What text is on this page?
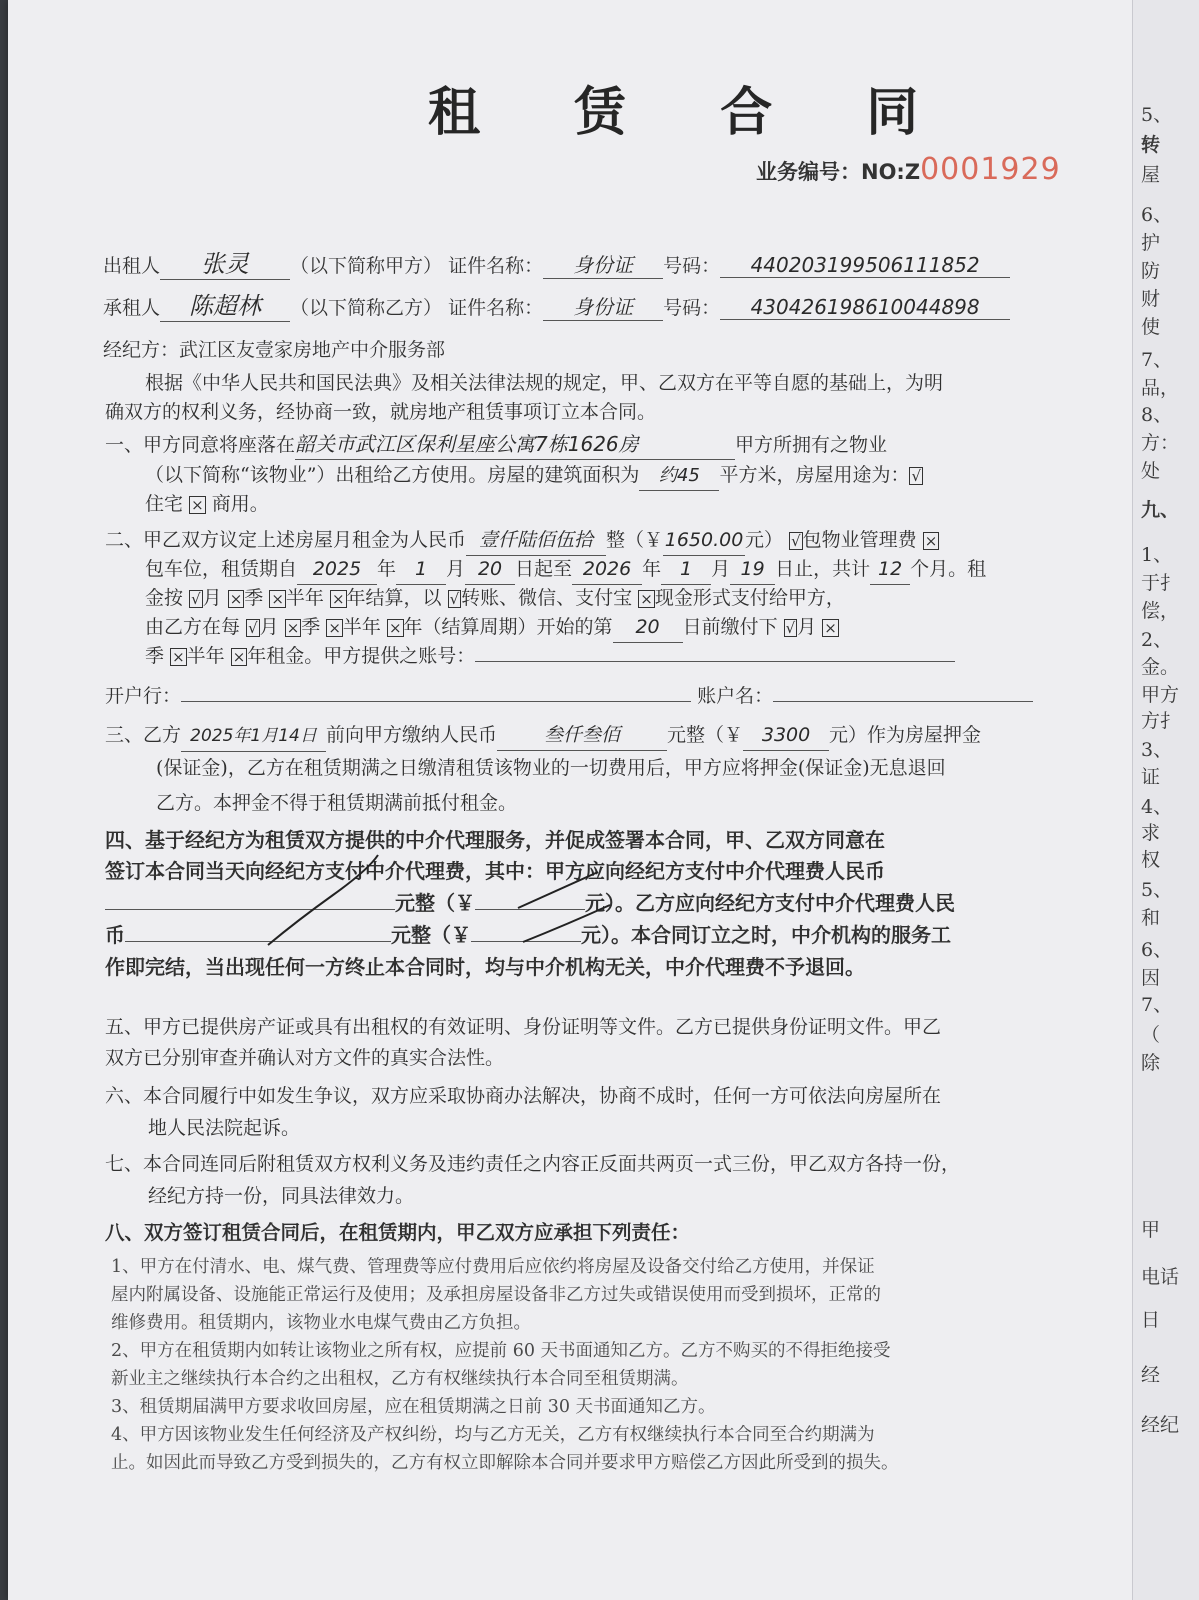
租 赁 合 同
业务编号：NO:Z0001929
出租人 张灵 （以下简称甲方） 证件名称： 身份证 号码： 440203199506111852
承租人 陈超林 （以下简称乙方） 证件名称： 身份证 号码： 430426198610044898
经纪方：武江区友壹家房地产中介服务部
根据《中华人民共和国民法典》及相关法律法规的规定，甲、乙双方在平等自愿的基础上，为明
确双方的权利义务，经协商一致，就房地产租赁事项订立本合同。
一、甲方同意将座落在韶关市武江区保利星座公寓7栋1626房	甲方所拥有之物业
（以下简称“该物业”）出租给乙方使用。房屋的建筑面积为 约45 平方米，房屋用途为： √
住宅 × 商用。
二、甲乙双方议定上述房屋月租金为人民币 壹仟陆佰伍拾 整（￥1650.00元） √ 包物业管理费 ×
包车位，租赁期自 2025 年 1 月 20 日起至 2026 年 1 月 19 日止，共计 12 个月。租
金按 √ 月 × 季 × 半年 × 年结算，以 √ 转账、微信、支付宝 × 现金形式支付给甲方，
由乙方在每 √ 月 × 季 × 半年 × 年（结算周期）开始的第 20 日前缴付下 √ 月 ×
季 × 半年 × 年租金。甲方提供之账号：
开户行：	账户名：
三、乙方 2025年1月14日 前向甲方缴纳人民币 叁仟叁佰 元整（￥ 3300 元）作为房屋押金
(保证金)，乙方在租赁期满之日缴清租赁该物业的一切费用后，甲方应将押金(保证金)无息退回
乙方。本押金不得于租赁期满前抵付租金。
四、基于经纪方为租赁双方提供的中介代理服务，并促成签署本合同，甲、乙双方同意在
签订本合同当天向经纪方支付中介代理费，其中：甲方应向经纪方支付中介代理费人民币
元整（￥	元）。乙方应向经纪方支付中介代理费人民
币	元整（￥	元）。本合同订立之时，中介机构的服务工
作即完结，当出现任何一方终止本合同时，均与中介机构无关，中介代理费不予退回。
五、甲方已提供房产证或具有出租权的有效证明、身份证明等文件。乙方已提供身份证明文件。甲乙
双方已分别审查并确认对方文件的真实合法性。
六、本合同履行中如发生争议，双方应采取协商办法解决，协商不成时，任何一方可依法向房屋所在
地人民法院起诉。
七、本合同连同后附租赁双方权利义务及违约责任之内容正反面共两页一式三份，甲乙双方各持一份，
经纪方持一份，同具法律效力。
八、双方签订租赁合同后，在租赁期内，甲乙双方应承担下列责任：
1、甲方在付清水、电、煤气费、管理费等应付费用后应依约将房屋及设备交付给乙方使用，并保证
屋内附属设备、设施能正常运行及使用；及承担房屋设备非乙方过失或错误使用而受到损坏，正常的
维修费用。租赁期内，该物业水电煤气费由乙方负担。
2、甲方在租赁期内如转让该物业之所有权，应提前 60 天书面通知乙方。乙方不购买的不得拒绝接受
新业主之继续执行本合约之出租权，乙方有权继续执行本合同至租赁期满。
3、租赁期届满甲方要求收回房屋，应在租赁期满之日前 30 天书面通知乙方。
4、甲方因该物业发生任何经济及产权纠纷，均与乙方无关，乙方有权继续执行本合同至合约期满为
止。如因此而导致乙方受到损失的，乙方有权立即解除本合同并要求甲方赔偿乙方因此所受到的损失。
5、
转
屋
6、
护
防
财
使
7、
品，
8、
方：
处
九、
1、
于扌
偿，
2、
金。
甲方
方扌
3、
证
4、
求
权
5、
和
6、
因
7、
（
除
甲
电话
日
经
经纪
